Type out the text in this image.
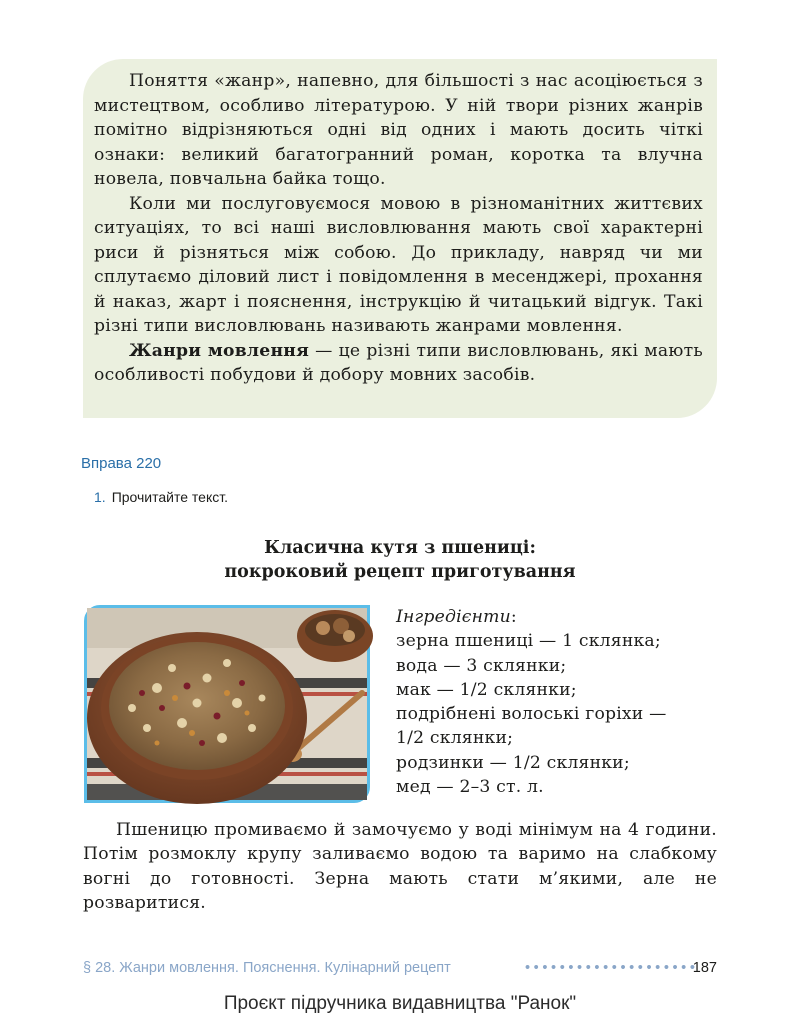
Поняття «жанр», напевно, для більшості з нас асоціюється з мистецтвом, особливо літературою. У ній твори різних жанрів помітно відрізняються одні від одних і мають досить чіткі ознаки: великий багатогранний роман, коротка та влучна новела, повчальна байка тощо.

Коли ми послуговуємося мовою в різноманітних життєвих ситуаціях, то всі наші висловлювання мають свої характерні риси й різняться між собою. До прикладу, навряд чи ми сплутаємо діловий лист і повідомлення в месенджері, прохання й наказ, жарт і пояснення, інструкцію й читацький відгук. Такі різні типи висловлювань називають жанрами мовлення.

Жанри мовлення — це різні типи висловлювань, які мають особливості побудови й добору мовних засобів.

Вправа 220
1. Прочитайте текст.
Класична кутя з пшениці:
покроковий рецепт приготування
Інгредієнти:
зерна пшениці — 1 склянка;
вода — 3 склянки;
мак — 1/2 склянки;
подрібнені волоські горіхи —
1/2 склянки;
родзинки — 1/2 склянки;
мед — 2–3 ст. л.

Пшеницю промиваємо й замочуємо у воді мінімум на 4 години. Потім розмоклу крупу заливаємо водою та варимо на слабкому вогні до готовності. Зерна мають стати м’якими, але не розваритися.

§ 28. Жанри мовлення. Пояснення. Кулінарний рецепт	••••••••••••••••••••
187
Проєкт підручника видавництва "Ранок"
